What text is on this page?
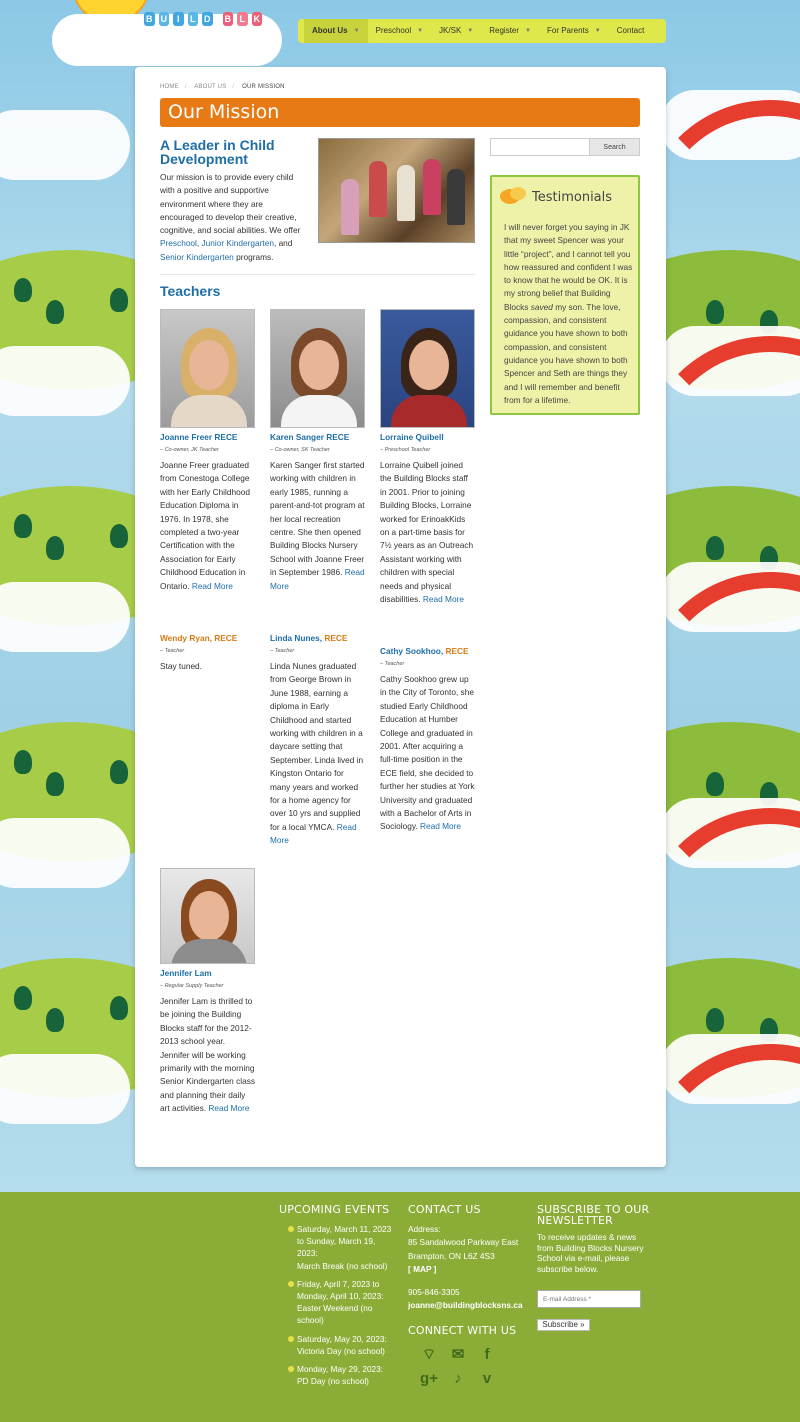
B U	I	L D B L K
About Us ▼ Preschool ▼ JK/SK ▼ Register ▼ For Parents ▼ Contact
HOME / ABOUT US / OUR MISSION
Our Mission
A Leader in Child Development

Our mission is to provide every child with a positive and supportive environment where they are encouraged to develop their creative, cognitive, and social abilities. We offer Preschool, Junior Kindergarten, and Senior Kindergarten programs.

Teachers
Joanne Freer RECE
– Co-owner, JK Teacher
Joanne Freer graduated from Conestoga College with her Early Childhood Education Diploma in 1976. In 1978, she completed a two-year Certification with the Association for Early Childhood Education in Ontario. Read More
Karen Sanger RECE
– Co-owner, SK Teacher
Karen Sanger first started working with children in early 1985, running a parent-and-tot program at her local recreation centre. She then opened Building Blocks Nursery School with Joanne Freer in September 1986. Read More
Lorraine Quibell
– Preschool Teacher
Lorraine Quibell joined the Building Blocks staff in 2001. Prior to joining Building Blocks, Lorraine worked for ErinoakKids on a part-time basis for 7½ years as an Outreach Assistant working with children with special needs and physical disabilities. Read More
Wendy Ryan, RECE
– Teacher
Stay tuned.
Linda Nunes, RECE
– Teacher
Linda Nunes graduated from George Brown in June 1988, earning a diploma in Early Childhood and started working with children in a daycare setting that September. Linda lived in Kingston Ontario for many years and worked for a home agency for over 10 yrs and supplied for a local YMCA. Read More
Cathy Sookhoo, RECE
– Teacher
Cathy Sookhoo grew up in the City of Toronto, she studied Early Childhood Education at Humber College and graduated in 2001. After acquiring a full-time position in the ECE field, she decided to further her studies at York University and graduated with a Bachelor of Arts in Sociology. Read More
Jennifer Lam
– Regular Supply Teacher
Jennifer Lam is thrilled to be joining the Building Blocks staff for the 2012-2013 school year. Jennifer will be working primarily with the morning Senior Kindergarten class and planning their daily art activities. Read More
Search
Testimonials

I will never forget you saying in JK that my sweet Spencer was your little “project”, and I cannot tell you how reassured and confident I was to know that he would be OK. It is my strong belief that Building Blocks saved my son. The love, compassion, and consistent guidance you have shown to both compassion, and consistent guidance you have shown to both Spencer and Seth are things they and I will remember and benefit from for a lifetime.

UPCOMING EVENTS
Saturday, March 11, 2023 to Sunday, March 19, 2023:
March Break (no school)
Friday, April 7, 2023 to Monday, April 10, 2023:
Easter Weekend (no school)
Saturday, May 20, 2023:
Victoria Day (no school)
Monday, May 29, 2023:
PD Day (no school)
CONTACT US
Address:
85 Sandalwood Parkway East
Brampton, ON L6Z 4S3
[ MAP ]
905-846-3305
joanne@buildingblocksns.ca
CONNECT WITH US
⌔ ✉	f
g+	♪	v
SUBSCRIBE TO OUR NEWSLETTER

To receive updates & news from Building Blocks Nursery School via e-mail, please subscribe below.

E-mail Address *
Subscribe »
